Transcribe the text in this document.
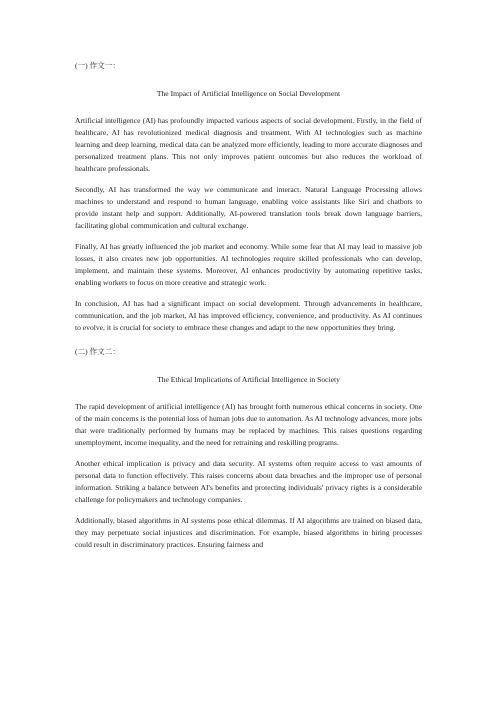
(一) 作文一：
The Impact of Artificial Intelligence on Social Development

Artificial intelligence (AI) has profoundly impacted various aspects of social development. Firstly, in the field of healthcare, AI has revolutionized medical diagnosis and treatment. With AI technologies such as machine learning and deep learning, medical data can be analyzed more efficiently, leading to more accurate diagnoses and personalized treatment plans. This not only improves patient outcomes but also reduces the workload of healthcare professionals.

Secondly, AI has transformed the way we communicate and interact. Natural Language Processing allows machines to understand and respond to human language, enabling voice assistants like Siri and chatbots to provide instant help and support. Additionally, AI-powered translation tools break down language barriers, facilitating global communication and cultural exchange.

Finally, AI has greatly influenced the job market and economy. While some fear that AI may lead to massive job losses, it also creates new job opportunities. AI technologies require skilled professionals who can develop, implement, and maintain these systems. Moreover, AI enhances productivity by automating repetitive tasks, enabling workers to focus on more creative and strategic work.

In conclusion, AI has had a significant impact on social development. Through advancements in healthcare, communication, and the job market, AI has improved efficiency, convenience, and productivity. As AI continues to evolve, it is crucial for society to embrace these changes and adapt to the new opportunities they bring.

(二) 作文二：
The Ethical Implications of Artificial Intelligence in Society

The rapid development of artificial intelligence (AI) has brought forth numerous ethical concerns in society. One of the main concerns is the potential loss of human jobs due to automation. As AI technology advances, more jobs that were traditionally performed by humans may be replaced by machines. This raises questions regarding unemployment, income inequality, and the need for retraining and reskilling programs.

Another ethical implication is privacy and data security. AI systems often require access to vast amounts of personal data to function effectively. This raises concerns about data breaches and the improper use of personal information. Striking a balance between AI's benefits and protecting individuals' privacy rights is a considerable challenge for policymakers and technology companies.

Additionally, biased algorithms in AI systems pose ethical dilemmas. If AI algorithms are trained on biased data, they may perpetuate social injustices and discrimination. For example, biased algorithms in hiring processes could result in discriminatory practices. Ensuring fairness and
